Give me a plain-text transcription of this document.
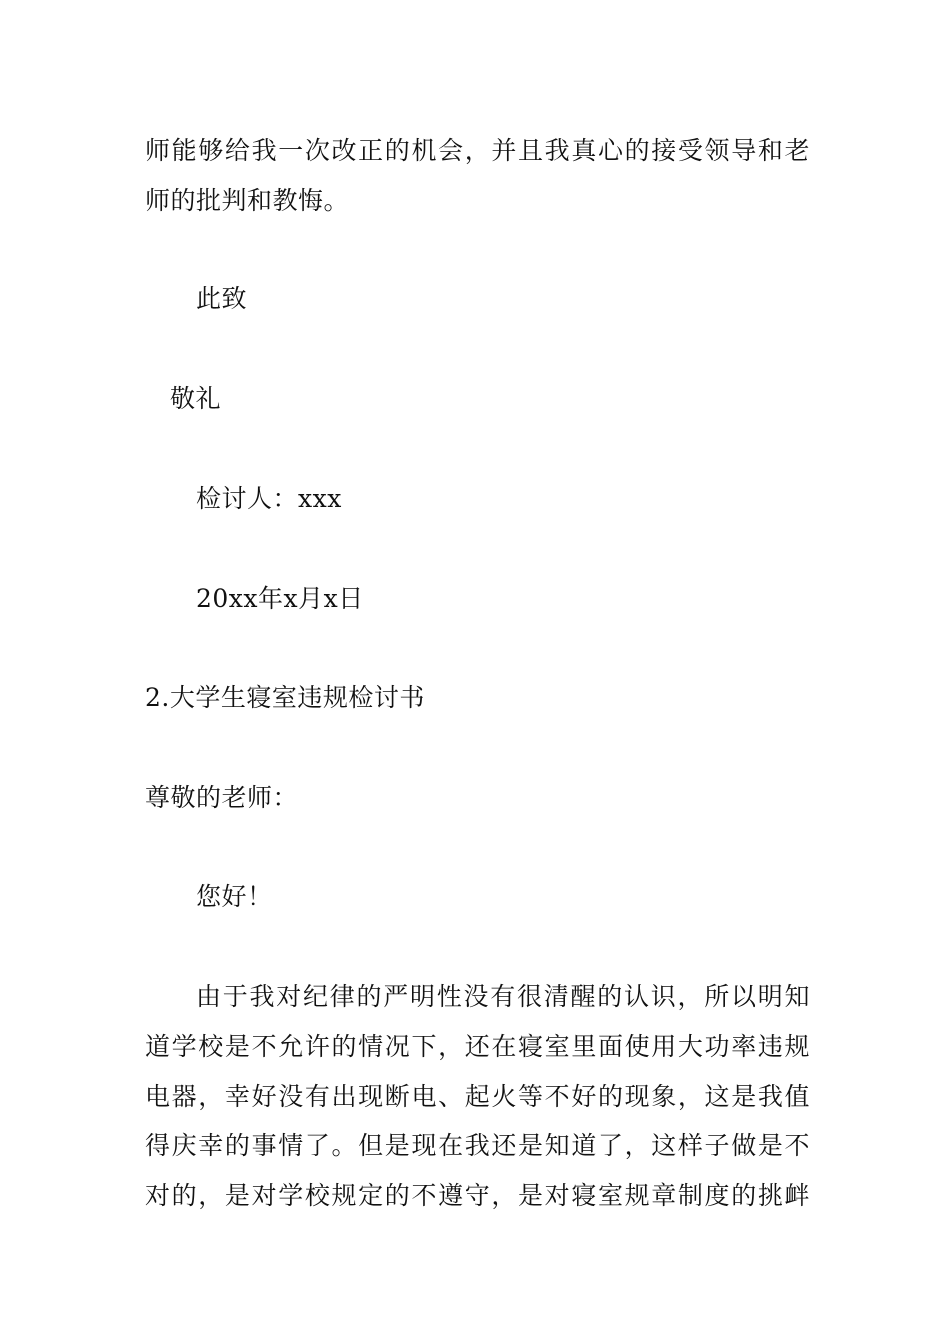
师能够给我一次改正的机会，并且我真心的接受领导和老
师的批判和教悔。
此致
敬礼
检讨人：xxx
20xx年x月x日
2.大学生寝室违规检讨书
尊敬的老师：
您好！
由于我对纪律的严明性没有很清醒的认识，所以明知
道学校是不允许的情况下，还在寝室里面使用大功率违规
电器，幸好没有出现断电、起火等不好的现象，这是我值
得庆幸的事情了。但是现在我还是知道了，这样子做是不
对的，是对学校规定的不遵守，是对寝室规章制度的挑衅
